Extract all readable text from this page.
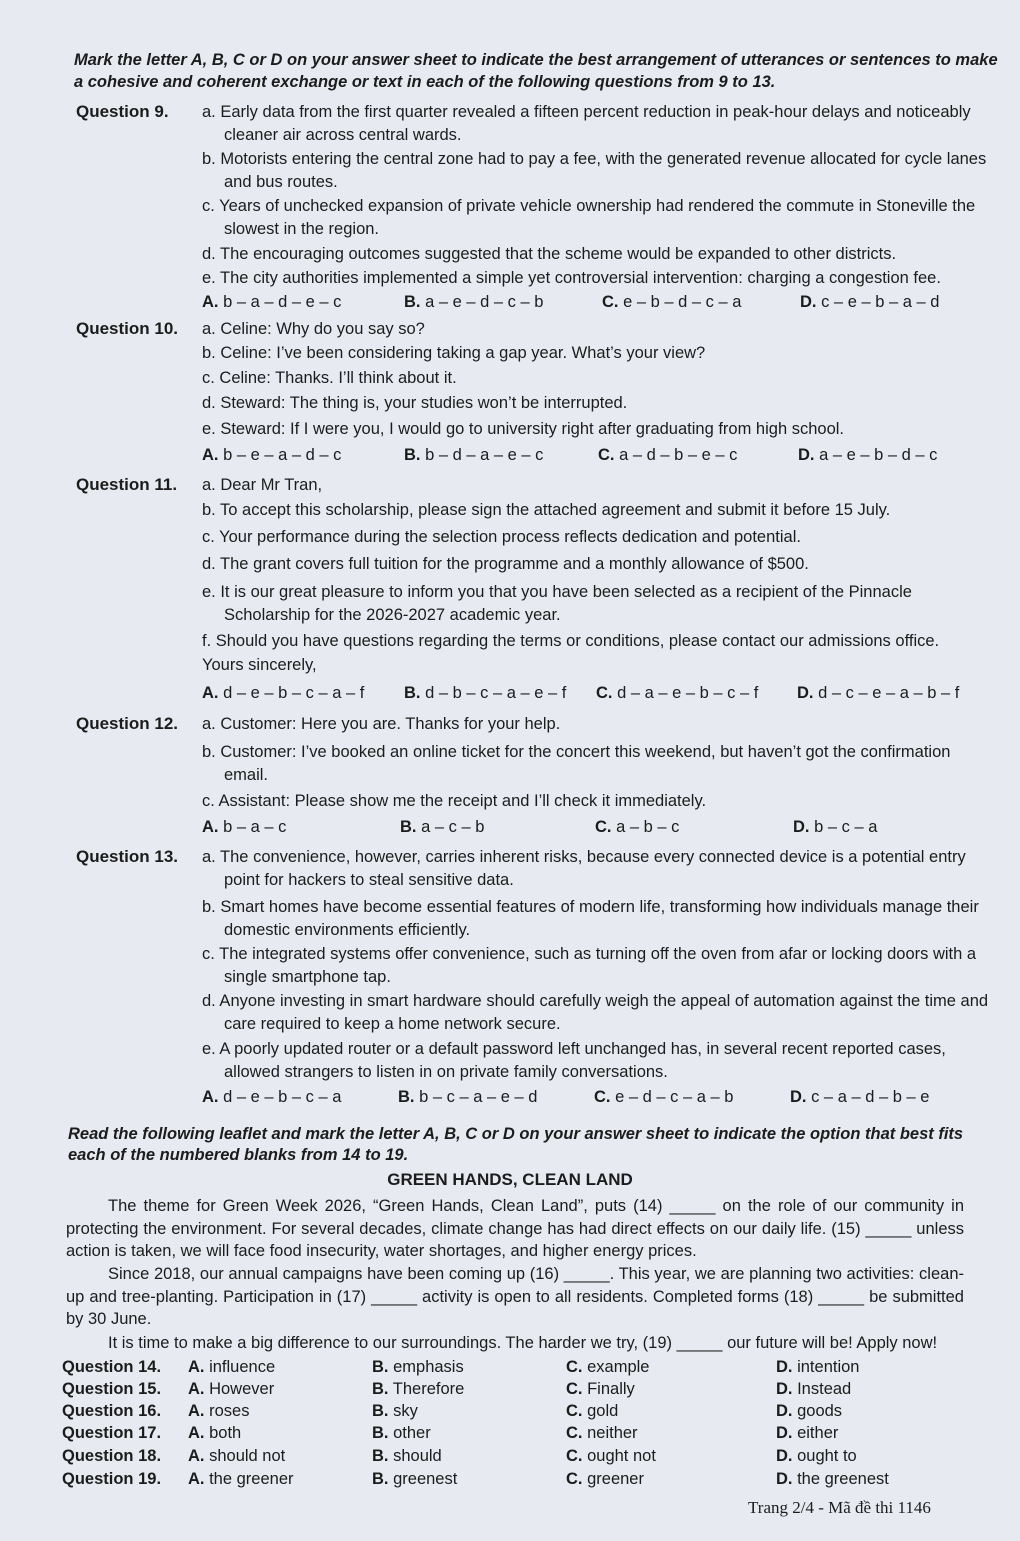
Mark the letter A, B, C or D on your answer sheet to indicate the best arrangement of utterances or sentences to make a cohesive and coherent exchange or text in each of the following questions from 9 to 13.
Question 9. a. Early data from the first quarter revealed a fifteen percent reduction in peak-hour delays and noticeably cleaner air across central wards.
b. Motorists entering the central zone had to pay a fee, with the generated revenue allocated for cycle lanes and bus routes.
c. Years of unchecked expansion of private vehicle ownership had rendered the commute in Stoneville the slowest in the region.
d. The encouraging outcomes suggested that the scheme would be expanded to other districts.
e. The city authorities implemented a simple yet controversial intervention: charging a congestion fee.
A. b – a – d – e – c	B. a – e – d – c – b	C. e – b – d – c – a	D. c – e – b – a – d
Question 10. a. Celine: Why do you say so?
b. Celine: I’ve been considering taking a gap year. What’s your view?
c. Celine: Thanks. I’ll think about it.
d. Steward: The thing is, your studies won’t be interrupted.
e. Steward: If I were you, I would go to university right after graduating from high school.
A. b – e – a – d – c	B. b – d – a – e – c	C. a – d – b – e – c	D. a – e – b – d – c
Question 11. a. Dear Mr Tran,
b. To accept this scholarship, please sign the attached agreement and submit it before 15 July.
c. Your performance during the selection process reflects dedication and potential.
d. The grant covers full tuition for the programme and a monthly allowance of $500.
e. It is our great pleasure to inform you that you have been selected as a recipient of the Pinnacle Scholarship for the 2026-2027 academic year.
f. Should you have questions regarding the terms or conditions, please contact our admissions office.
Yours sincerely,
A. d – e – b – c – a – f B. d – b – c – a – e – f C. d – a – e – b – c – f D. d – c – e – a – b – f
Question 12. a. Customer: Here you are. Thanks for your help.
b. Customer: I’ve booked an online ticket for the concert this weekend, but haven’t got the confirmation email.
c. Assistant: Please show me the receipt and I’ll check it immediately.
A. b – a – c	B. a – c – b	C. a – b – c	D. b – c – a
Question 13. a. The convenience, however, carries inherent risks, because every connected device is a potential entry point for hackers to steal sensitive data.
b. Smart homes have become essential features of modern life, transforming how individuals manage their domestic environments efficiently.
c. The integrated systems offer convenience, such as turning off the oven from afar or locking doors with a single smartphone tap.
d. Anyone investing in smart hardware should carefully weigh the appeal of automation against the time and care required to keep a home network secure.
e. A poorly updated router or a default password left unchanged has, in several recent reported cases, allowed strangers to listen in on private family conversations.
A. d – e – b – c – a	B. b – c – a – e – d	C. e – d – c – a – b	D. c – a – d – b – e
Read the following leaflet and mark the letter A, B, C or D on your answer sheet to indicate the option that best fits each of the numbered blanks from 14 to 19.
GREEN HANDS, CLEAN LAND
The theme for Green Week 2026, “Green Hands, Clean Land”, puts (14) _____ on the role of our community in protecting the environment. For several decades, climate change has had direct effects on our daily life. (15) _____ unless action is taken, we will face food insecurity, water shortages, and higher energy prices.
Since 2018, our annual campaigns have been coming up (16) _____. This year, we are planning two activities: clean-up and tree-planting. Participation in (17) _____ activity is open to all residents. Completed forms (18) _____ be submitted by 30 June.
It is time to make a big difference to our surroundings. The harder we try, (19) _____ our future will be! Apply now!
Question 14. A. influence	B. emphasis	C. example	D. intention
Question 15. A. However	B. Therefore	C. Finally	D. Instead
Question 16. A. roses	B. sky	C. gold	D. goods
Question 17. A. both	B. other	C. neither	D. either
Question 18. A. should not	B. should	C. ought not	D. ought to
Question 19. A. the greener	B. greenest	C. greener	D. the greenest
Trang 2/4 - Mã đề thi 1146
